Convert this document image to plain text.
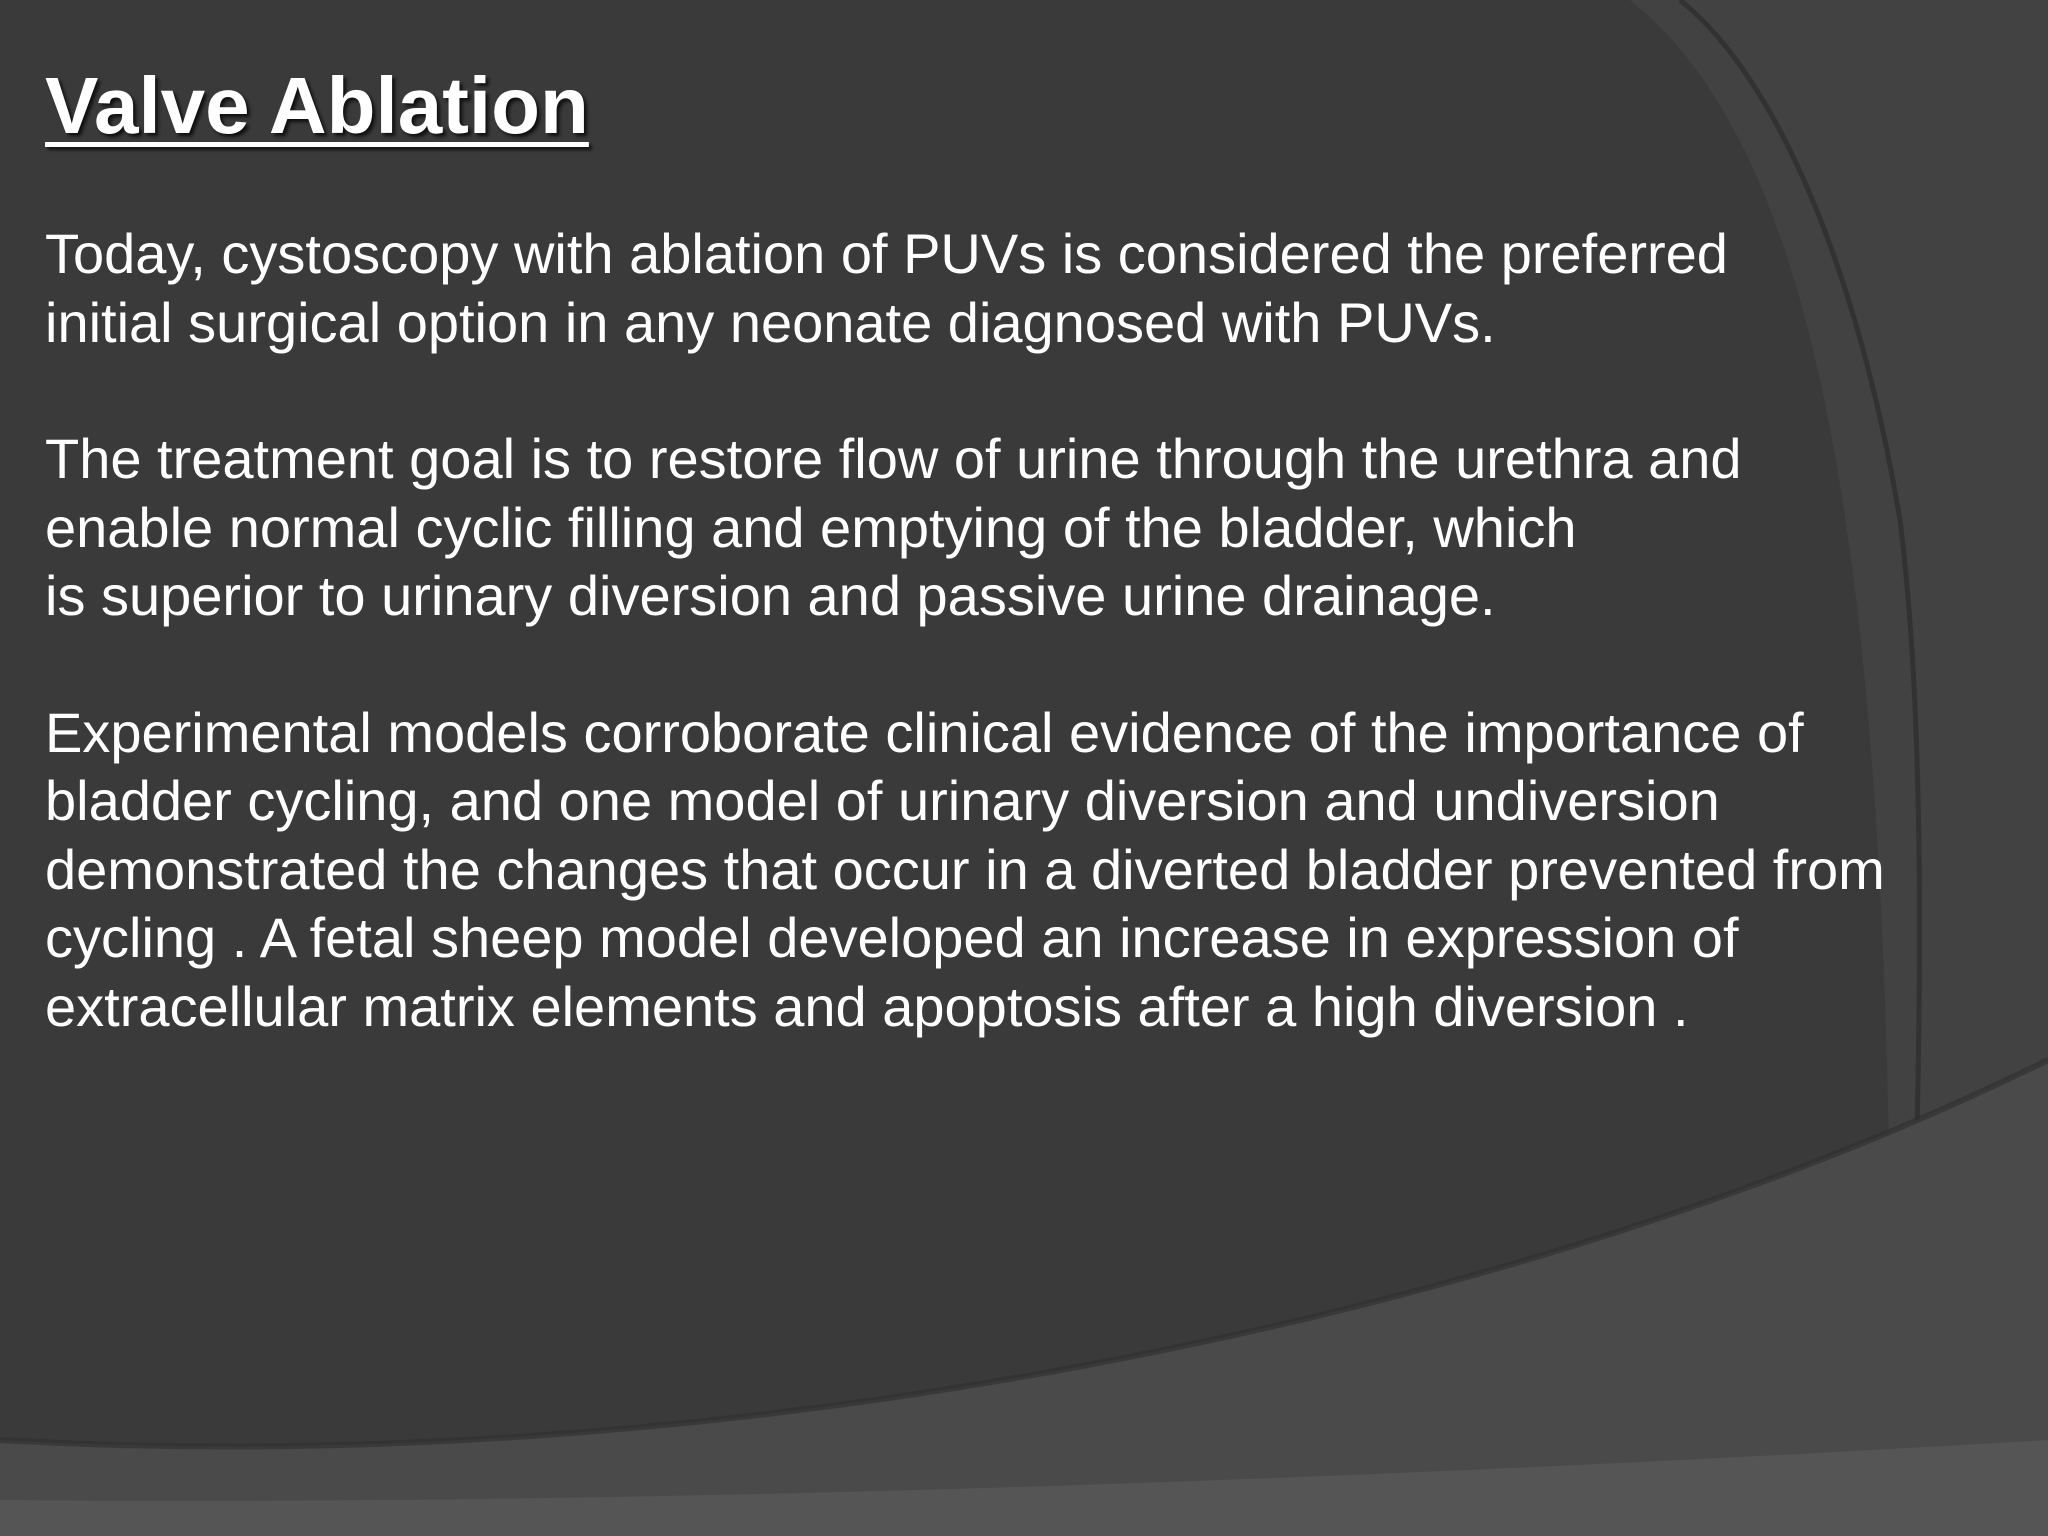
Valve Ablation

Today, cystoscopy with ablation of PUVs is considered the preferred
initial surgical option in any neonate diagnosed with PUVs.

The treatment goal is to restore flow of urine through the urethra and
enable normal cyclic filling and emptying of the bladder, which
is superior to urinary diversion and passive urine drainage.

Experimental models corroborate clinical evidence of the importance of
bladder cycling, and one model of urinary diversion and undiversion
demonstrated the changes that occur in a diverted bladder prevented from
cycling . A fetal sheep model developed an increase in expression of
extracellular matrix elements and apoptosis after a high diversion .
